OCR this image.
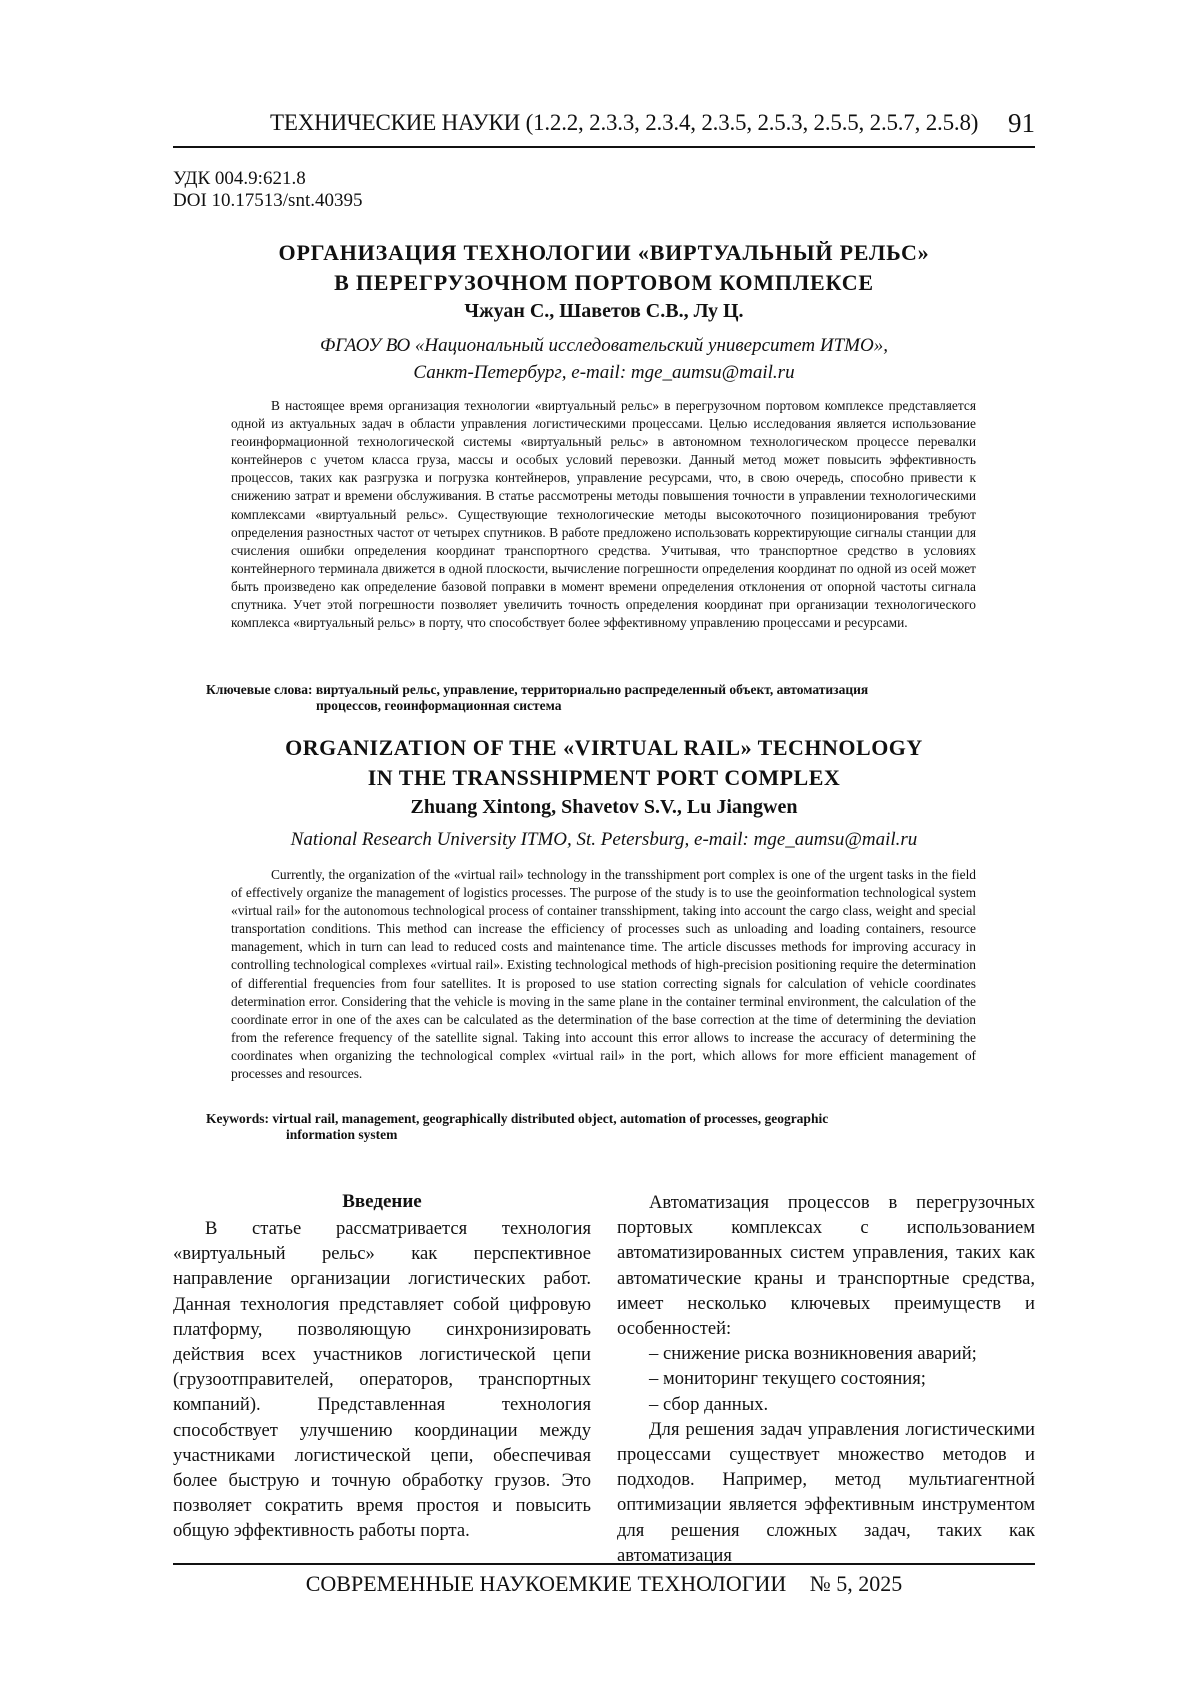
ТЕХНИЧЕСКИЕ НАУКИ (1.2.2, 2.3.3, 2.3.4, 2.3.5, 2.5.3, 2.5.5, 2.5.7, 2.5.8) 91
УДК 004.9:621.8
DOI 10.17513/snt.40395
ОРГАНИЗАЦИЯ ТЕХНОЛОГИИ «ВИРТУАЛЬНЫЙ РЕЛЬС»
В ПЕРЕГРУЗОЧНОМ ПОРТОВОМ КОМПЛЕКСЕ
Чжуан С., Шаветов С.В., Лу Ц.
ФГАОУ ВО «Национальный исследовательский университет ИТМО»,
Санкт-Петербург, e-mail: mge_aumsu@mail.ru

В настоящее время организация технологии «виртуальный рельс» в перегрузочном портовом комплексе представляется одной из актуальных задач в области управления логистическими процессами. Целью исследования является использование геоинформационной технологической системы «виртуальный рельс» в автономном технологическом процессе перевалки контейнеров с учетом класса груза, массы и особых условий перевозки. Данный метод может повысить эффективность процессов, таких как разгрузка и погрузка контейнеров, управление ресурсами, что, в свою очередь, способно привести к снижению затрат и времени обслуживания. В статье рассмотрены методы повышения точности в управлении технологическими комплексами «виртуальный рельс». Существующие технологические методы высокоточного позиционирования требуют определения разностных частот от четырех спутников. В работе предложено использовать корректирующие сигналы станции для счисления ошибки определения координат транспортного средства. Учитывая, что транспортное средство в условиях контейнерного терминала движется в одной плоскости, вычисление погрешности определения координат по одной из осей может быть произведено как определение базовой поправки в момент времени определения отклонения от опорной частоты сигнала спутника. Учет этой погрешности позволяет увеличить точность определения координат при организации технологического комплекса «виртуальный рельс» в порту, что способствует более эффективному управлению процессами и ресурсами.

Ключевые слова: виртуальный рельс, управление, территориально распределенный объект, автоматизация
процессов, геоинформационная система
ORGANIZATION OF THE «VIRTUAL RAIL» TECHNOLOGY
IN THE TRANSSHIPMENT PORT COMPLEX
Zhuang Xintong, Shavetov S.V., Lu Jiangwen
National Research University ITMO, St. Petersburg, e-mail: mge_aumsu@mail.ru

Currently, the organization of the «virtual rail» technology in the transshipment port complex is one of the urgent tasks in the field of effectively organize the management of logistics processes. The purpose of the study is to use the geoinformation technological system «virtual rail» for the autonomous technological process of container transshipment, taking into account the cargo class, weight and special transportation conditions. This method can increase the efficiency of processes such as unloading and loading containers, resource management, which in turn can lead to reduced costs and maintenance time. The article discusses methods for improving accuracy in controlling technological complexes «virtual rail». Existing technological methods of high-precision positioning require the determination of differential frequencies from four satellites. It is proposed to use station correcting signals for calculation of vehicle coordinates determination error. Considering that the vehicle is moving in the same plane in the container terminal environment, the calculation of the coordinate error in one of the axes can be calculated as the determination of the base correction at the time of determining the deviation from the reference frequency of the satellite signal. Taking into account this error allows to increase the accuracy of determining the coordinates when organizing the technological complex «virtual rail» in the port, which allows for more efficient management of processes and resources.

Keywords: virtual rail, management, geographically distributed object, automation of processes, geographic
information system
Введение

В статье рассматривается технология «виртуальный рельс» как перспективное направление организации логистических работ. Данная технология представляет собой цифровую платформу, позволяющую синхронизировать действия всех участников логистической цепи (грузоотправителей, операторов, транспортных компаний). Представленная технология способствует улучшению координации между участниками логистической цепи, обеспечивая более быструю и точную обработку грузов. Это позволяет сократить время простоя и повысить общую эффективность работы порта.

Автоматизация процессов в перегрузочных портовых комплексах с использованием автоматизированных систем управления, таких как автоматические краны и транспортные средства, имеет несколько ключевых преимуществ и особенностей:

– снижение риска возникновения аварий;
– мониторинг текущего состояния;
– сбор данных.

Для решения задач управления логистическими процессами существует множество методов и подходов. Например, метод мультиагентной оптимизации является эффективным инструментом для решения сложных задач, таких как автоматизация

СОВРЕМЕННЫЕ НАУКОЕМКИЕ ТЕХНОЛОГИИ № 5, 2025
